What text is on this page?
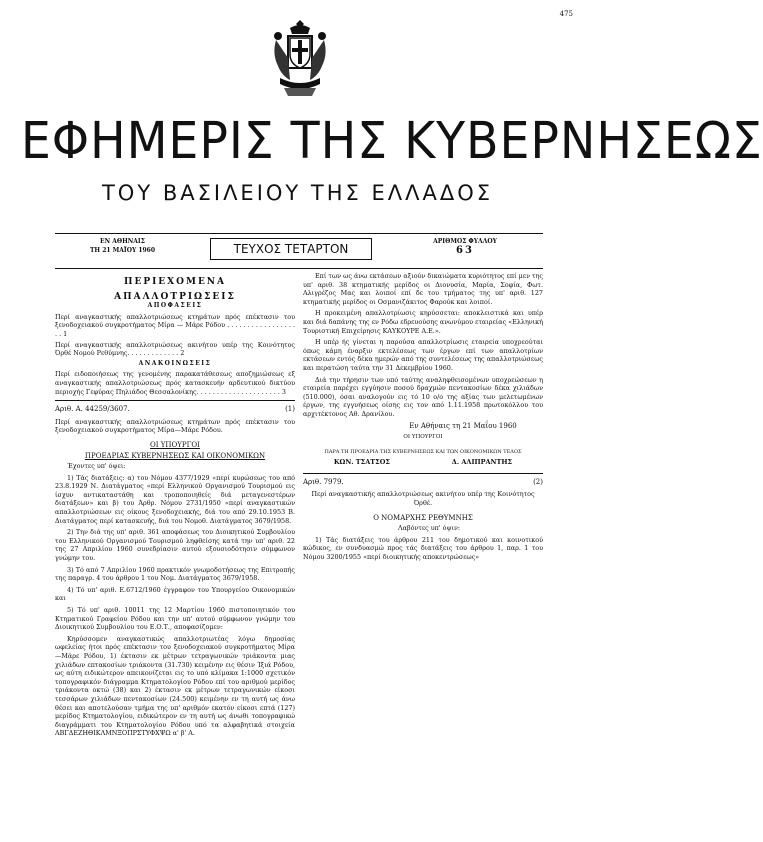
475
ΕΦΗΜΕΡΙΣ ΤΗΣ ΚΥΒΕΡΝΗΣΕΩΣ
ΤΟΥ ΒΑΣΙΛΕΙΟΥ ΤΗΣ ΕΛΛΑΔΟΣ
ΕΝ ΑΘΗΝΑΙΣ
ΤΗ 21 ΜΑΪΟΥ 1960	ΤΕΥΧΟΣ ΤΕΤΑΡΤΟΝ
ΑΡΙΘΜΟΣ ΦΥΛΛΟΥ
63
ΠΕΡΙΕΧΟΜΕΝΑ
ΑΠΑΛΛΟΤΡΙΩΣΕΙΣ
ΑΠΟΦΑΣΕΙΣ

Περί αναγκαστικής απαλλοτριώσεως κτημάτων πρός επέκτασιν του ξενοδοχειακού συγκροτήματος Μίρα — Μάρε Ρόδου . . . . . . . . . . . . . . . . . . . 1

Περί αναγκαστικής απαλλοτριώσεως ακινήτου υπέρ της Κοινότητος Όρθέ Νομού Ρεθύμνης. . . . . . . . . . . . . 2

ΑΝΑΚΟΙΝΩΣΕΙΣ

Περί ειδοποιήσεως της γενομένης παρακατάθεσεως αποζημιώσεως εξ αναγκαστικής απαλλοτριώσεως πρός κατασκευήν αρδευτικού δικτύου περιοχής Γεφύρας Πηλιάδος Θεσσαλονίκης. . . . . . . . . . . . . . . . . . . . . 3

Αριθ. Α. 44259/3607.	(1)

Περί αναγκαστικής απαλλοτριώσεως κτημάτων πρός επέκτασιν του ξενοδοχειακού συγκροτήματος Μίρα—Μάρε Ρόδου.

ΟΙ ΥΠΟΥΡΓΟΙ
ΠΡΟΕΔΡΙΑΣ ΚΥΒΕΡΝΗΣΕΩΣ ΚΑΙ ΟΙΚΟΝΟΜΙΚΩΝ

Έχοντες υπ' όψει:

1) Τάς διατάξεις: α) του Νόμου 4377/1929 «περί κυρώσεως του από 23.8.1929 Ν. Διατάγματος «περί Ελληνικού Οργανισμού Τουρισμού εις ίσχυν αντικαταστάθη και τροποποιηθείς διά μεταγενεστέρων διατάξεων» και β) του Άρθρ. Νόμου 2731/1950 «περί αναγκαστικών απαλλοτριώσεων εις οίκους ξενοδοχειακής, διά του από 29.10.1953 Β. Διατάγματος περί κατασκευής, διά του Νομοθ. Διατάγματος 3679/1958.

2) Την διά της υπ' αριθ. 361 αποφάσεως του Διοικητικού Συμβουλίου του Ελληνικού Οργανισμού Τουρισμού ληφθείσης κατά την υπ' αριθ. 22 της 27 Απριλίου 1960 συνεδρίασιν αυτού εξουσιοδότησιν σύμφωνον γνώμην του.

3) Τό από 7 Απριλίου 1960 πρακτικόν γνωμοδοτήσεως της Επιτροπής της παραγρ. 4 του άρθρου 1 του Νομ. Διατάγματος 3679/1958.

4) Τό υπ' αριθ. Ε.6712/1960 έγγραφον του Υπουργείου Οικονομικών και

5) Τό υπ' αριθ. 10011 της 12 Μαρτίου 1960 πιστοποιητικόν του Κτηματικού Γραφείου Ρόδου και την υπ' αυτού σύμφωνον γνώμην του Διοικητικού Συμβουλίου του Ε.Ο.Τ., αποφασίζομεν:

Κηρύσσομεν αναγκαστικώς απαλλοτριωτέας λόγω δημοσίας ωφελείας ήτοι πρός επέκτασιν του ξενοδοχειακού συγκροτήματος Μίρα—Μάρε Ρόδου, 1) έκτασιν εκ μέτρων τετραγωνικών τριάκοντα μιας χιλιάδων επτακοσίων τριάκοντα (31.730) κειμένην εις θέσιν Ίξιά Ρόδου, ως αύτη ειδικώτερον απεικονίζεται εις το υπό κλίμακα 1:1000 σχετικόν τοπογραφικόν διάγραμμα Κτηματολογίου Ρόδου επί του αριθμού μερίδος τριάκοντα οκτώ (38) και 2) έκτασιν εκ μέτρων τετραγωνικών είκοσι τεσσάρων χιλιάδων πεντακοσίων (24.500) κειμένην εν τη αυτή ως άνω θέσει και αποτελούσαν τμήμα της υπ' αριθμόν εκατόν είκοσι επτά (127) μερίδος Κτηματολογίου, ειδικώτερον εν τη αυτή ως άνωθι τοπογραφικώ διαγράμματι του Κτηματολογίου Ρόδου υπό τα αλφαβητικά στοιχεία ΑΒΓΔΕΖΗΘΙΚΛΜΝΞΟΠΡΣΤΥΦΧΨΩ α' β' Α.

Επί των ως άνω εκτάσεων αξιούν δικαιώματα κυριότητος επί μεν της υπ' αριθ. 38 κτηματικής μερίδος οι Διονυσία, Μαρία, Σοφία, Φωτ. Αλιγρέζος Μας και λοιποί επί δε του τμήματος της υπ' αριθ. 127 κτηματικής μερίδος οι Οσμανιζάκιτος Φαρούκ και λοιποί.

Η προκειμένη απαλλοτρίωσις κηρύσσεται: αποκλειστικά και υπέρ και διά δαπάνης της εν Ρόδω εδρευούσης ανωνύμου εταιρείας «Ελληνική Τουριστική Επιχείρησις ΚΑΥΚΟΥΡΕ Α.Ε.».

Η υπέρ ής γίνεται η παρούσα απαλλοτρίωσις εταιρεία υποχρεούται όπως κάμη έναρξιν εκτελέσεως των έργων επί των απαλλοτρίων εκτάσεων εντός δέκα ημερών από της συντελέσεως της απαλλοτριώσεως και περατώση ταύτα την 31 Δεκεμβρίου 1960.

Διά την τήρησιν των υπό ταύτης αναληφθεισομένων υποχρεώσεων η εταιρεία παρέχει εγγύησιν ποσού δραχμών πεντακοσίων δέκα χιλιάδων (510.000), όσαι αναλογούν εις τό 10 ο/ο της αξίας των μελετωμένων έργων, της εγγυήσεως οίσης εις τον από 1.11.1958 πρωτοκόλλου του αρχιτέκτονος Αθ. Δρανίλου.

Εν Αθήναις τη 21 Μαΐου 1960
ΟΙ ΥΠΟΥΡΓΟΙ
ΠΑΡΑ ΤΗ ΠΡΟΕΔΡΙΑ ΤΗΣ ΚΥΒΕΡΝΗΣΕΩΣ ΚΑΙ ΤΩΝ ΟΙΚΟΝΟΜΙΚΩΝ ΤΕΛΟΣ
ΚΩΝ. ΤΣΑΤΣΟΣ	Δ. ΑΛΙΠΡΑΝΤΗΣ
Αριθ. 7979.	(2)

Περί αναγκαστικής απαλλοτριώσεως ακινήτου υπέρ της Κοινότητος Όρθέ.

Ο ΝΟΜΑΡΧΗΣ ΡΕΘΥΜΝΗΣ

Λαβόντες υπ' όψιν:

1) Τάς διατάξεις του άρθρου 211 του δημοτικού και κοινοτικού κώδικος, εν συνδυασμώ προς τάς διατάξεις του άρθρου 1, παρ. 1 του Νόμου 3200/1955 «περί διοικητικής αποκεντρώσεως»
